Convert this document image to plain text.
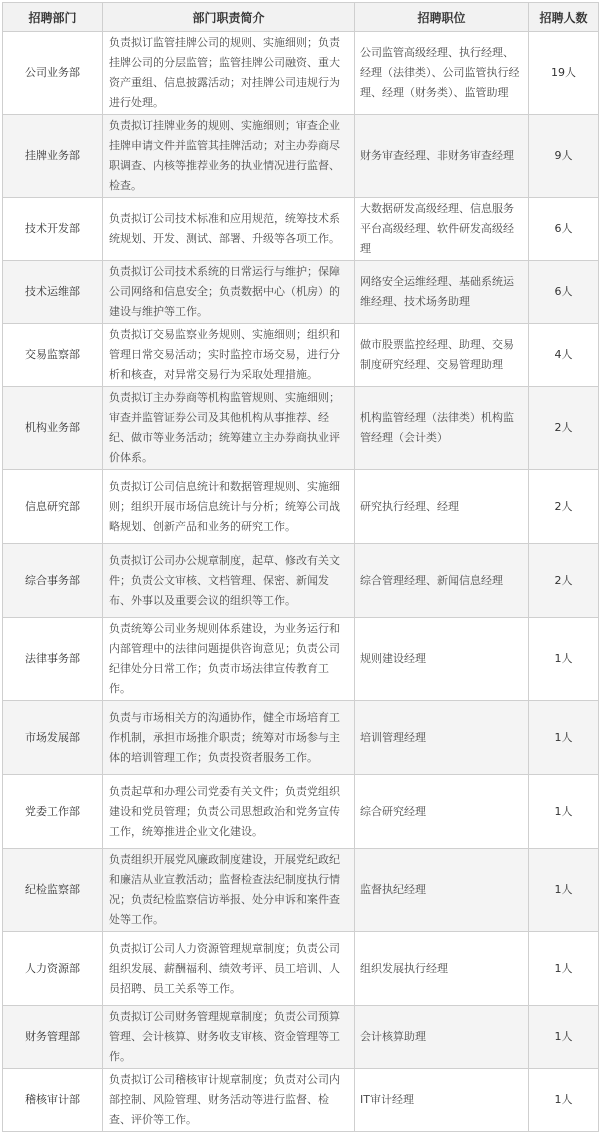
招聘部门	部门职责简介	招聘职位	招聘人数
公司业务部	负责拟订监管挂牌公司的规则、实施细则；负责挂牌公司的分层监管；监管挂牌公司融资、重大资产重组、信息披露活动；对挂牌公司违规行为进行处理。	公司监管高级经理、执行经理、经理（法律类）、公司监管执行经理、经理（财务类）、监管助理	19人
挂牌业务部	负责拟订挂牌业务的规则、实施细则；审查企业挂牌申请文件并监管其挂牌活动；对主办券商尽职调查、内核等推荐业务的执业情况进行监督、检查。	财务审查经理、非财务审查经理	9人
技术开发部	负责拟订公司技术标准和应用规范，统筹技术系统规划、开发、测试、部署、升级等各项工作。	大数据研发高级经理、信息服务平台高级经理、软件研发高级经理	6人
技术运维部	负责拟订公司技术系统的日常运行与维护；保障公司网络和信息安全；负责数据中心（机房）的建设与维护等工作。	网络安全运维经理、基础系统运维经理、技术场务助理	6人
交易监察部	负责拟订交易监察业务规则、实施细则；组织和管理日常交易活动；实时监控市场交易，进行分析和核查，对异常交易行为采取处理措施。	做市股票监控经理、助理、交易制度研究经理、交易管理助理	4人
机构业务部	负责拟订主办券商等机构监管规则、实施细则；审查并监管证券公司及其他机构从事推荐、经纪、做市等业务活动；统筹建立主办券商执业评价体系。	机构监管经理（法律类）机构监管经理（会计类）	2人
信息研究部	负责拟订公司信息统计和数据管理规则、实施细则；组织开展市场信息统计与分析；统筹公司战略规划、创新产品和业务的研究工作。	研究执行经理、经理	2人
综合事务部	负责拟订公司办公规章制度，起草、修改有关文件；负责公文审核、文档管理、保密、新闻发布、外事以及重要会议的组织等工作。	综合管理经理、新闻信息经理	2人
法律事务部	负责统筹公司业务规则体系建设，为业务运行和内部管理中的法律问题提供咨询意见；负责公司纪律处分日常工作；负责市场法律宣传教育工作。	规则建设经理	1人
市场发展部	负责与市场相关方的沟通协作，健全市场培育工作机制，承担市场推介职责；统筹对市场参与主体的培训管理工作；负责投资者服务工作。	培训管理经理	1人
党委工作部	负责起草和办理公司党委有关文件；负责党组织建设和党员管理；负责公司思想政治和党务宣传工作，统筹推进企业文化建设。	综合研究经理	1人
纪检监察部	负责组织开展党风廉政制度建设，开展党纪政纪和廉洁从业宣教活动；监督检查法纪制度执行情况；负责纪检监察信访举报、处分申诉和案件查处等工作。	监督执纪经理	1人
人力资源部	负责拟订公司人力资源管理规章制度；负责公司组织发展、薪酬福利、绩效考评、员工培训、人员招聘、员工关系等工作。	组织发展执行经理	1人
财务管理部	负责拟订公司财务管理规章制度；负责公司预算管理、会计核算、财务收支审核、资金管理等工作。	会计核算助理	1人
稽核审计部	负责拟订公司稽核审计规章制度；负责对公司内部控制、风险管理、财务活动等进行监督、检查、评价等工作。	IT审计经理	1人
